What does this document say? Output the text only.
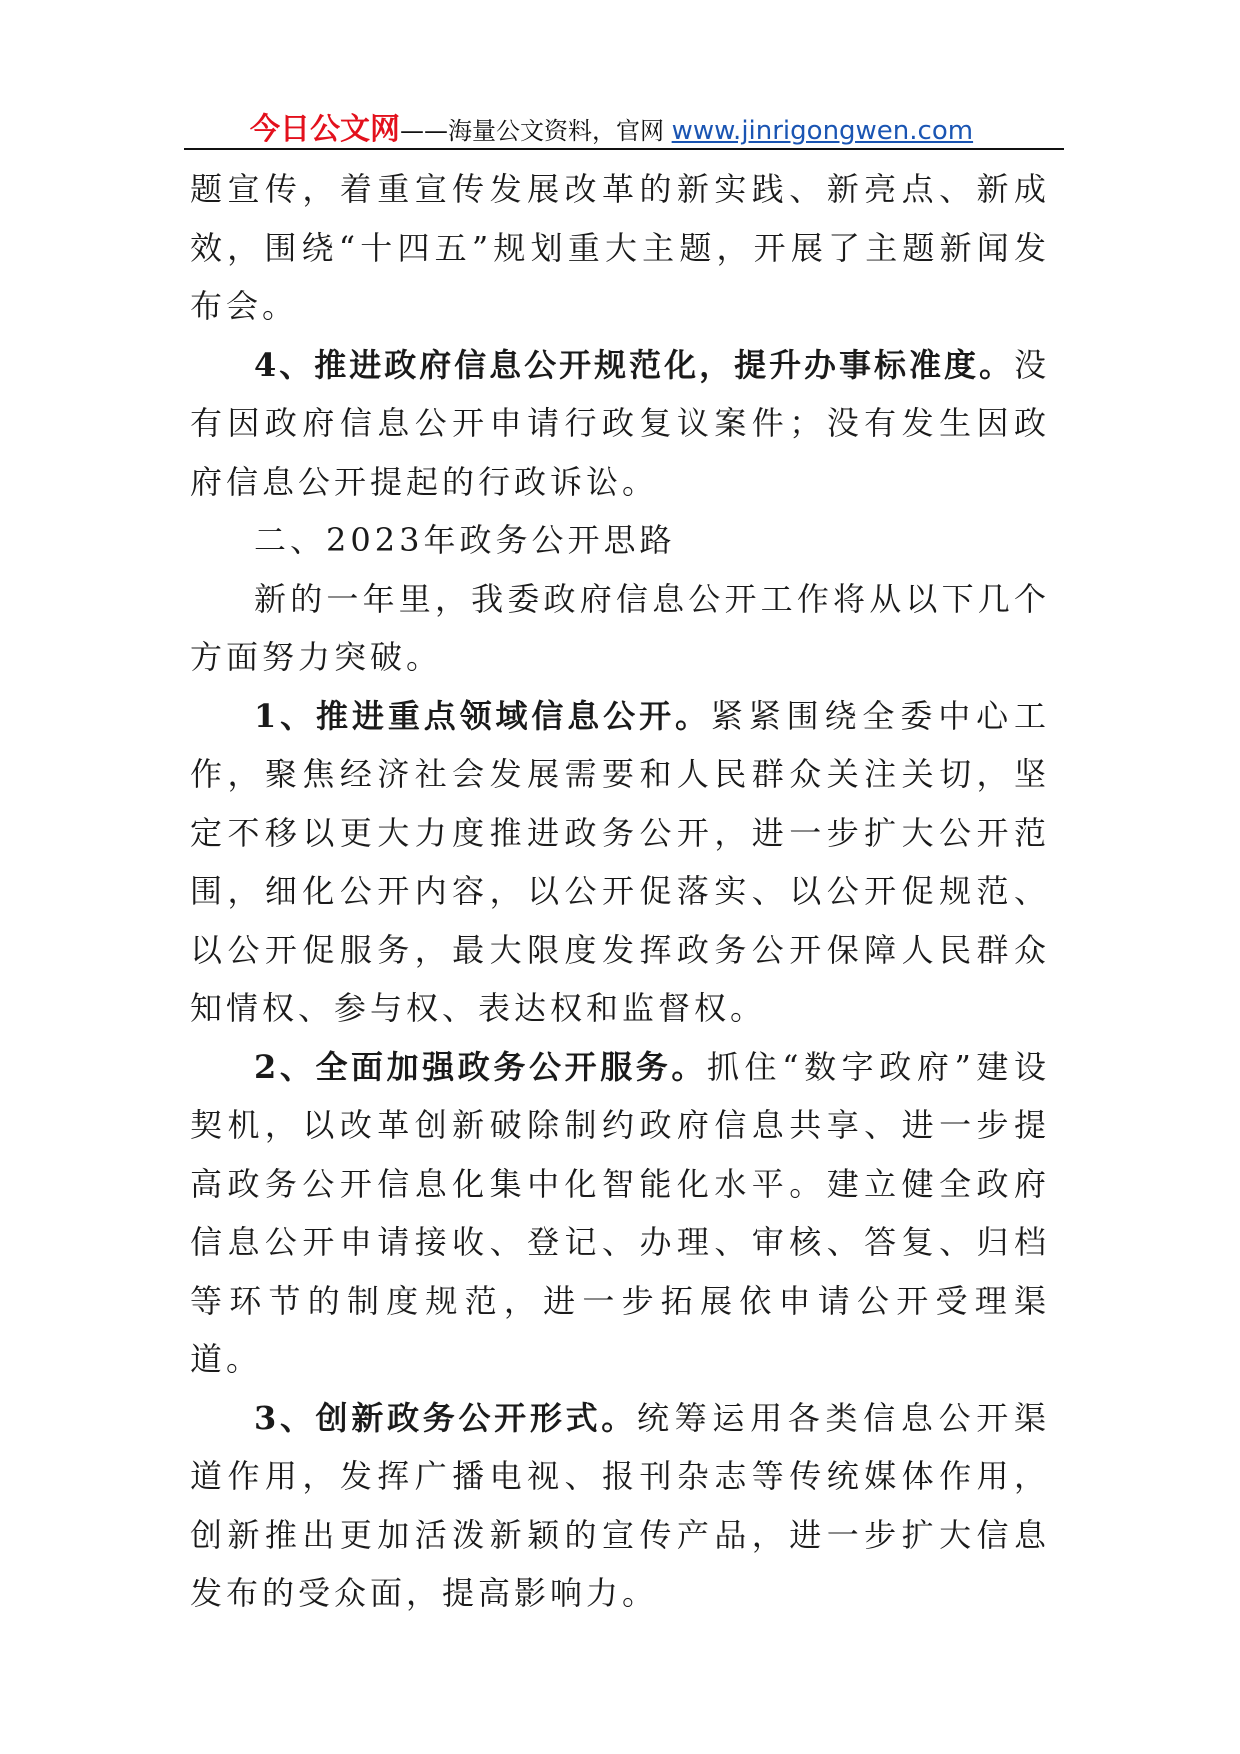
今日公文网——海量公文资料，官网 www.jinrigongwen.com

题宣传，着重宣传发展改革的新实践、新亮点、新成效，围绕“十四五”规划重大主题，开展了主题新闻发布会。

4、推进政府信息公开规范化，提升办事标准度。没有因政府信息公开申请行政复议案件；没有发生因政府信息公开提起的行政诉讼。

二、2023年政务公开思路

新的一年里，我委政府信息公开工作将从以下几个方面努力突破。

1、推进重点领域信息公开。紧紧围绕全委中心工作，聚焦经济社会发展需要和人民群众关注关切，坚定不移以更大力度推进政务公开，进一步扩大公开范围，细化公开内容，以公开促落实、以公开促规范、以公开促服务，最大限度发挥政务公开保障人民群众知情权、参与权、表达权和监督权。

2、全面加强政务公开服务。抓住“数字政府”建设契机，以改革创新破除制约政府信息共享、进一步提高政务公开信息化集中化智能化水平。建立健全政府信息公开申请接收、登记、办理、审核、答复、归档等环节的制度规范，进一步拓展依申请公开受理渠道。

3、创新政务公开形式。统筹运用各类信息公开渠道作用，发挥广播电视、报刊杂志等传统媒体作用，创新推出更加活泼新颖的宣传产品，进一步扩大信息发布的受众面，提高影响力。
